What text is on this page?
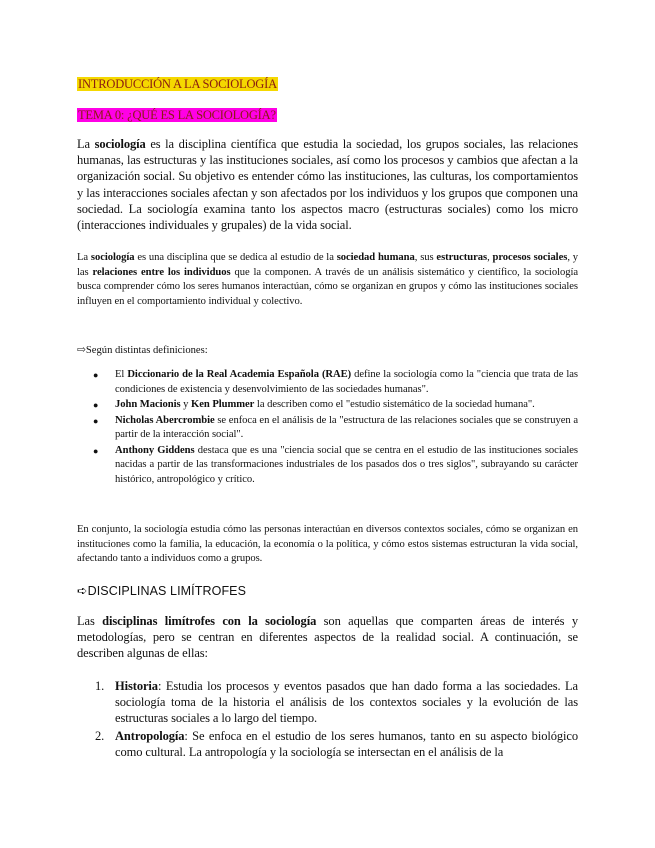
INTRODUCCIÓN A LA SOCIOLOGÍA

TEMA 0: ¿QUÉ ES LA SOCIOLOGÍA?

La sociología es la disciplina científica que estudia la sociedad, los grupos sociales, las relaciones humanas, las estructuras y las instituciones sociales, así como los procesos y cambios que afectan a la organización social. Su objetivo es entender cómo las instituciones, las culturas, los comportamientos y las interacciones sociales afectan y son afectados por los individuos y los grupos que componen una sociedad. La sociología examina tanto los aspectos macro (estructuras sociales) como los micro (interacciones individuales y grupales) de la vida social.

La sociología es una disciplina que se dedica al estudio de la sociedad humana, sus estructuras, procesos sociales, y las relaciones entre los individuos que la componen. A través de un análisis sistemático y científico, la sociología busca comprender cómo los seres humanos interactúan, cómo se organizan en grupos y cómo las instituciones sociales influyen en el comportamiento individual y colectivo.

⇨Según distintas definiciones:

● El Diccionario de la Real Academia Española (RAE) define la sociología como la "ciencia que trata de las condiciones de existencia y desenvolvimiento de las sociedades humanas".
● John Macionis y Ken Plummer la describen como el "estudio sistemático de la sociedad humana".
● Nicholas Abercrombie se enfoca en el análisis de la "estructura de las relaciones sociales que se construyen a partir de la interacción social".
● Anthony Giddens destaca que es una "ciencia social que se centra en el estudio de las instituciones sociales nacidas a partir de las transformaciones industriales de los pasados dos o tres siglos", subrayando su carácter histórico, antropológico y crítico.

En conjunto, la sociología estudia cómo las personas interactúan en diversos contextos sociales, cómo se organizan en instituciones como la familia, la educación, la economía o la política, y cómo estos sistemas estructuran la vida social, afectando tanto a individuos como a grupos.

➪DISCIPLINAS LIMÍTROFES

Las disciplinas limítrofes con la sociología son aquellas que comparten áreas de interés y metodologías, pero se centran en diferentes aspectos de la realidad social. A continuación, se describen algunas de ellas:

1. Historia: Estudia los procesos y eventos pasados que han dado forma a las sociedades. La sociología toma de la historia el análisis de los contextos sociales y la evolución de las estructuras sociales a lo largo del tiempo.
2. Antropología: Se enfoca en el estudio de los seres humanos, tanto en su aspecto biológico como cultural. La antropología y la sociología se intersectan en el análisis de la
